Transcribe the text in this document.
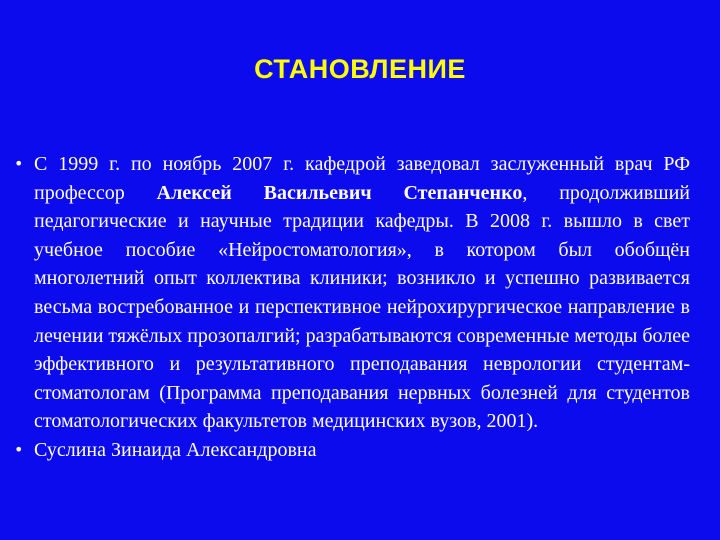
СТАНОВЛЕНИЕ
• С 1999 г. по ноябрь 2007 г. кафедрой заведовал заслуженный врач РФ профессор Алексей Васильевич Степанченко, продолживший педагогические и научные традиции кафедры. В 2008 г. вышло в свет учебное пособие «Нейростоматология», в котором был обобщён многолетний опыт коллектива клиники; возникло и успешно развивается весьма востребованное и перспективное нейрохирургическое направление в лечении тяжёлых прозопалгий; разрабатываются современные методы более эффективного и результативного преподавания неврологии студентам-стоматологам (Программа преподавания нервных болезней для студентов стоматологических факультетов медицинских вузов, 2001).
• Суслина Зинаида Александровна
